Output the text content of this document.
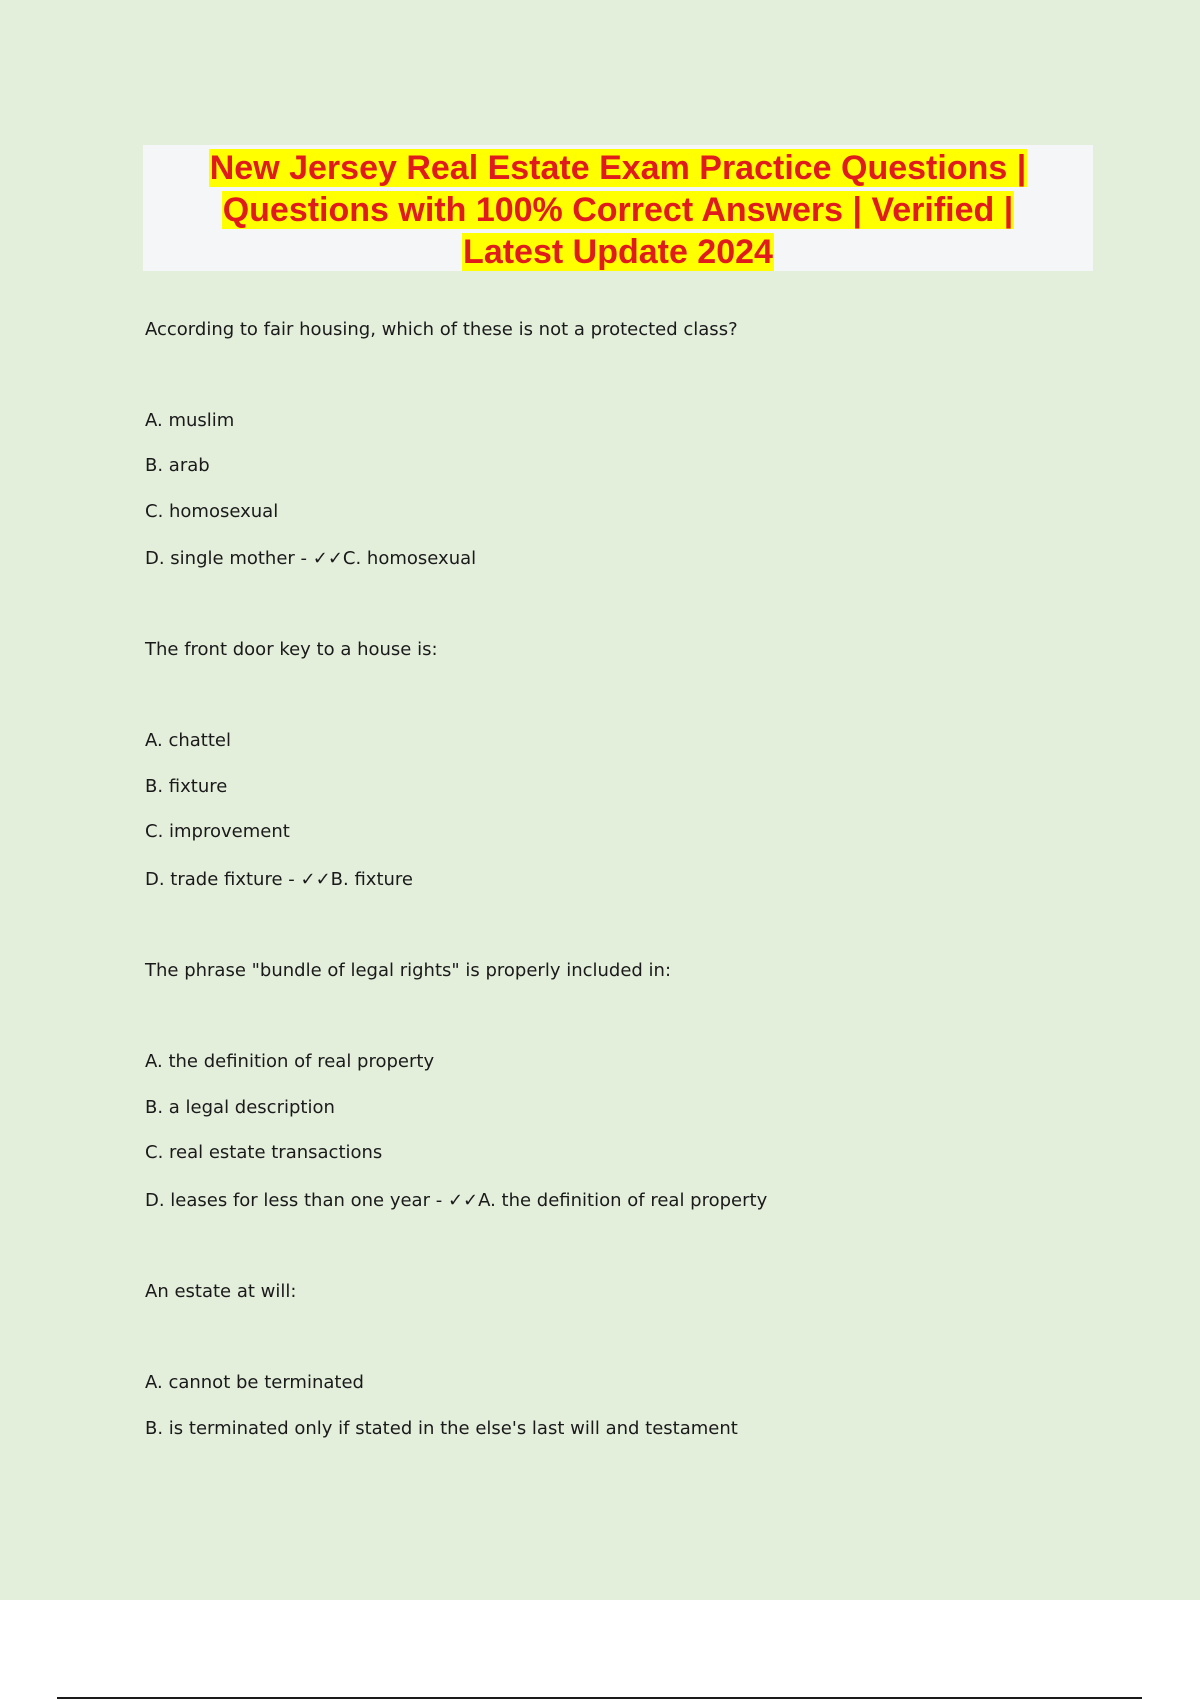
New Jersey Real Estate Exam Practice Questions |
Questions with 100% Correct Answers | Verified |
Latest Update 2024
According to fair housing, which of these is not a protected class?
A. muslim
B. arab
C. homosexual
D. single mother - ✓✓C. homosexual
The front door key to a house is:
A. chattel
B. fixture
C. improvement
D. trade fixture - ✓✓B. fixture
The phrase "bundle of legal rights" is properly included in:
A. the definition of real property
B. a legal description
C. real estate transactions
D. leases for less than one year - ✓✓A. the definition of real property
An estate at will:
A. cannot be terminated
B. is terminated only if stated in the else's last will and testament
